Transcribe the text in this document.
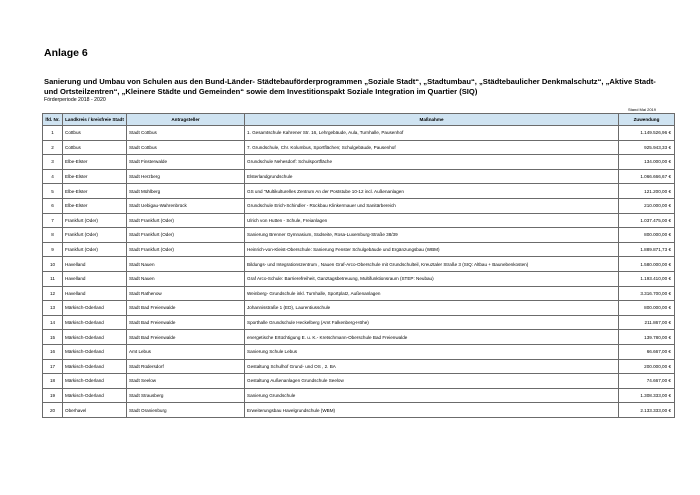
Anlage 6
Sanierung und Umbau von Schulen aus den Bund-Länder- Städtebauförderprogrammen „Soziale Stadt“, „Stadtumbau“, „Städtebaulicher Denkmalschutz“, „Aktive Stadt- und Ortsteilzentren“, „Kleinere Städte und Gemeinden“ sowie dem Investitionspakt Soziale Integration im Quartier (SIQ)
Förderperiode 2018 - 2020
Stand Mai 2019
lfd. Nr.	Landkreis / kreisfreie Stadt	Antragsteller	Maßnahme	Zuwendung
1	Cottbus	Stadt Cottbus	1. Gesamtschule Kahrener Str. 16, Lehrgebäude, Aula, Turnhalle, Pausenhof	1.149.526,96 €
2	Cottbus	Stadt Cottbus	7. Grundschule, Chr. Kolumbus, Sportflächen; Schulgebäude, Pausenhof	925.943,33 €
3	Elbe-Elster	Stadt Finsterwalde	Grundschule Nehesdorf: Schulsportfläche	134.000,00 €
4	Elbe-Elster	Stadt Herzberg	Elsterlandgrundschule	1.066.666,67 €
5	Elbe-Elster	Stadt Mühlberg	GS und "Multikulturelles Zentrum An der Poststube 10-12 incl. Außenanlagen	121.200,00 €
6	Elbe-Elster	Stadt Uebigau-Wahrenbrück	Grundschule Erich-Schindler - Rückbau Klinkermauer und Sanitärbereich	210.000,00 €
7	Frankfurt (Oder)	Stadt Frankfurt (Oder)	Ulrich von Hutten - Schule, Freianlagen	1.037.475,00 €
8	Frankfurt (Oder)	Stadt Frankfurt (Oder)	Sanierung Brenner Gymnasium, Südseite, Rosa-Luxemburg-Straße 38/39	800.000,00 €
9	Frankfurt (Oder)	Stadt Frankfurt (Oder)	Heinrich-von-Kleist-Oberschule: Sanierung Fenster Schulgebäude und Ergänzungsbau (WBM)	1.889.871,73 €
10	Havelland	Stadt Nauen	Bildungs- und Integrationszentrum , Nauen Graf-Arco-Oberschule mit Grundschulteil, Kreuztaler Straße 3 (SIQ: Altbau + Baunebenkosten)	1.580.000,00 €
11	Havelland	Stadt Nauen	Graf Arco-Schule: Barrierefreiheit, Ganztagsbetreuung, Multifunktionsraum (STEP: Neubau)	1.193.410,00 €
12	Havelland	Stadt Rathenow	Weinberg- Grundschule inkl. Turnhalle, Sportplatz, Außenanlagen	3.316.700,00 €
13	Märkisch-Oderland	Stadt Bad Freienwalde	Johannisstraße 1 (ED), Laurentiusschule	800.000,00 €
14	Märkisch-Oderland	Stadt Bad Freienwalde	Sporthalle Grundschule Heckelberg (Amt Falkenberg-Höhe)	211.867,00 €
15	Märkisch-Oderland	Stadt Bad Freienwalde	energetische Ertüchtigung E. u. K.- Kretschmann-Oberschule Bad Freienwalde	139.780,00 €
16	Märkisch-Oderland	Amt Lebus	Sanierung Schule Lebus	66.667,00 €
17	Märkisch-Oderland	Stadt Rüdersdorf	Gestaltung Schulhof Grund- und OS , 2. BA	200.000,00 €
18	Märkisch-Oderland	Stadt Seelow	Gestaltung Außenanlagen Grundschule Seelow	74.667,00 €
19	Märkisch-Oderland	Stadt Strausberg	Sanierung Grundschule	1.308.333,00 €
20	Oberhavel	Stadt Oranienburg	Erweiterungsbau Havelgrundschule (WBM)	2.133.333,00 €
